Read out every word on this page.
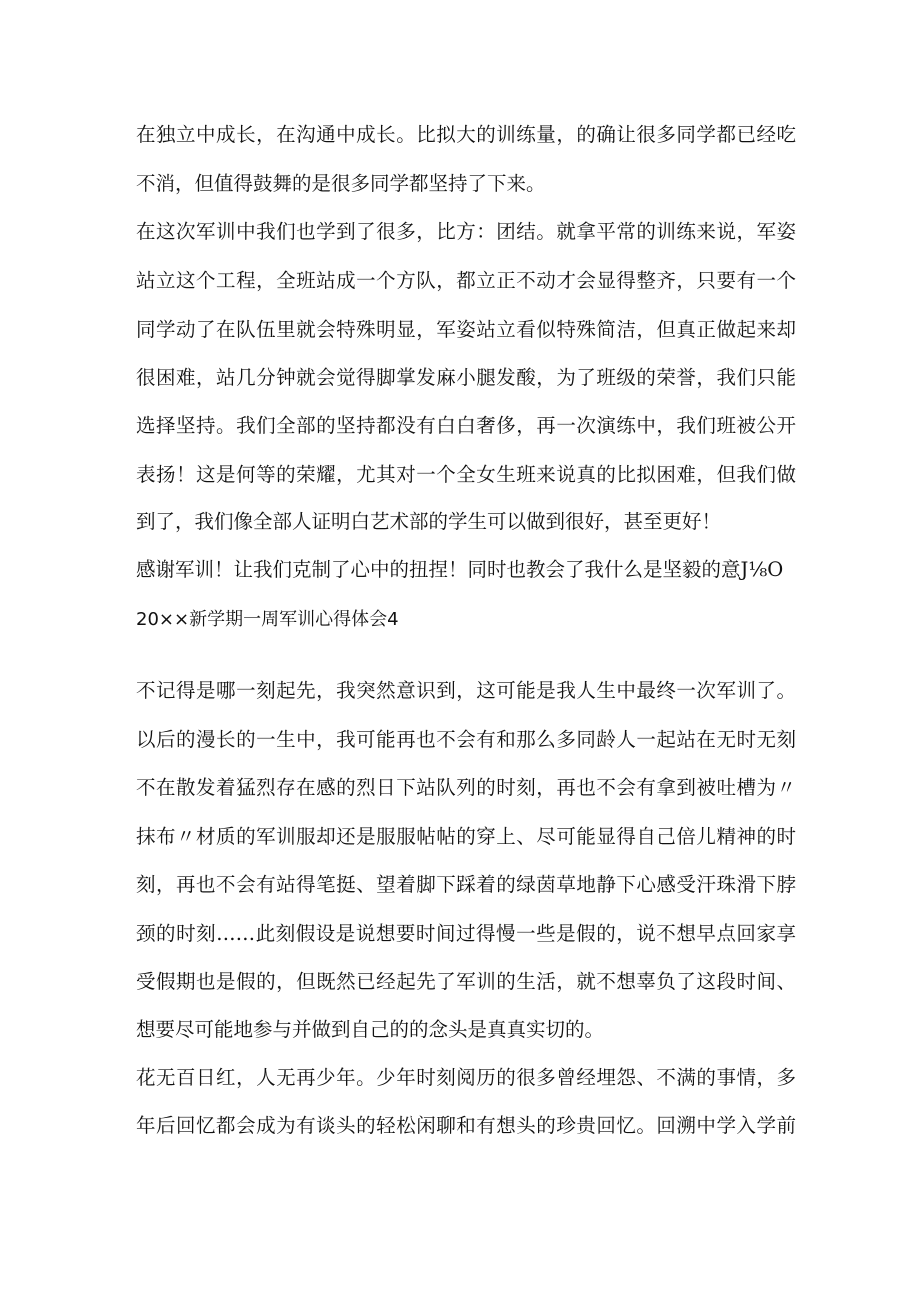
在独立中成长，在沟通中成长。比拟大的训练量，的确让很多同学都已经吃
不消，但值得鼓舞的是很多同学都坚持了下来。
在这次军训中我们也学到了很多，比方：团结。就拿平常的训练来说，军姿
站立这个工程，全班站成一个方队，都立正不动才会显得整齐，只要有一个
同学动了在队伍里就会特殊明显，军姿站立看似特殊简洁，但真正做起来却
很困难，站几分钟就会觉得脚掌发麻小腿发酸，为了班级的荣誉，我们只能
选择坚持。我们全部的坚持都没有白白奢侈，再一次演练中，我们班被公开
表扬！这是何等的荣耀，尤其对一个全女生班来说真的比拟困难，但我们做
到了，我们像全部人证明白艺术部的学生可以做到很好，甚至更好！
感谢军训！让我们克制了心中的扭捏！同时也教会了我什么是坚毅的意J⅛O
20××新学期一周军训心得体会4
不记得是哪一刻起先，我突然意识到，这可能是我人生中最终一次军训了。
以后的漫长的一生中，我可能再也不会有和那么多同龄人一起站在无时无刻
不在散发着猛烈存在感的烈日下站队列的时刻，再也不会有拿到被吐槽为〃
抹布〃材质的军训服却还是服服帖帖的穿上、尽可能显得自己倍儿精神的时
刻，再也不会有站得笔挺、望着脚下踩着的绿茵草地静下心感受汗珠滑下脖
颈的时刻……此刻假设是说想要时间过得慢一些是假的，说不想早点回家享
受假期也是假的，但既然已经起先了军训的生活，就不想辜负了这段时间、
想要尽可能地参与并做到自己的的念头是真真实切的。
花无百日红，人无再少年。少年时刻阅历的很多曾经埋怨、不满的事情，多
年后回忆都会成为有谈头的轻松闲聊和有想头的珍贵回忆。回溯中学入学前
